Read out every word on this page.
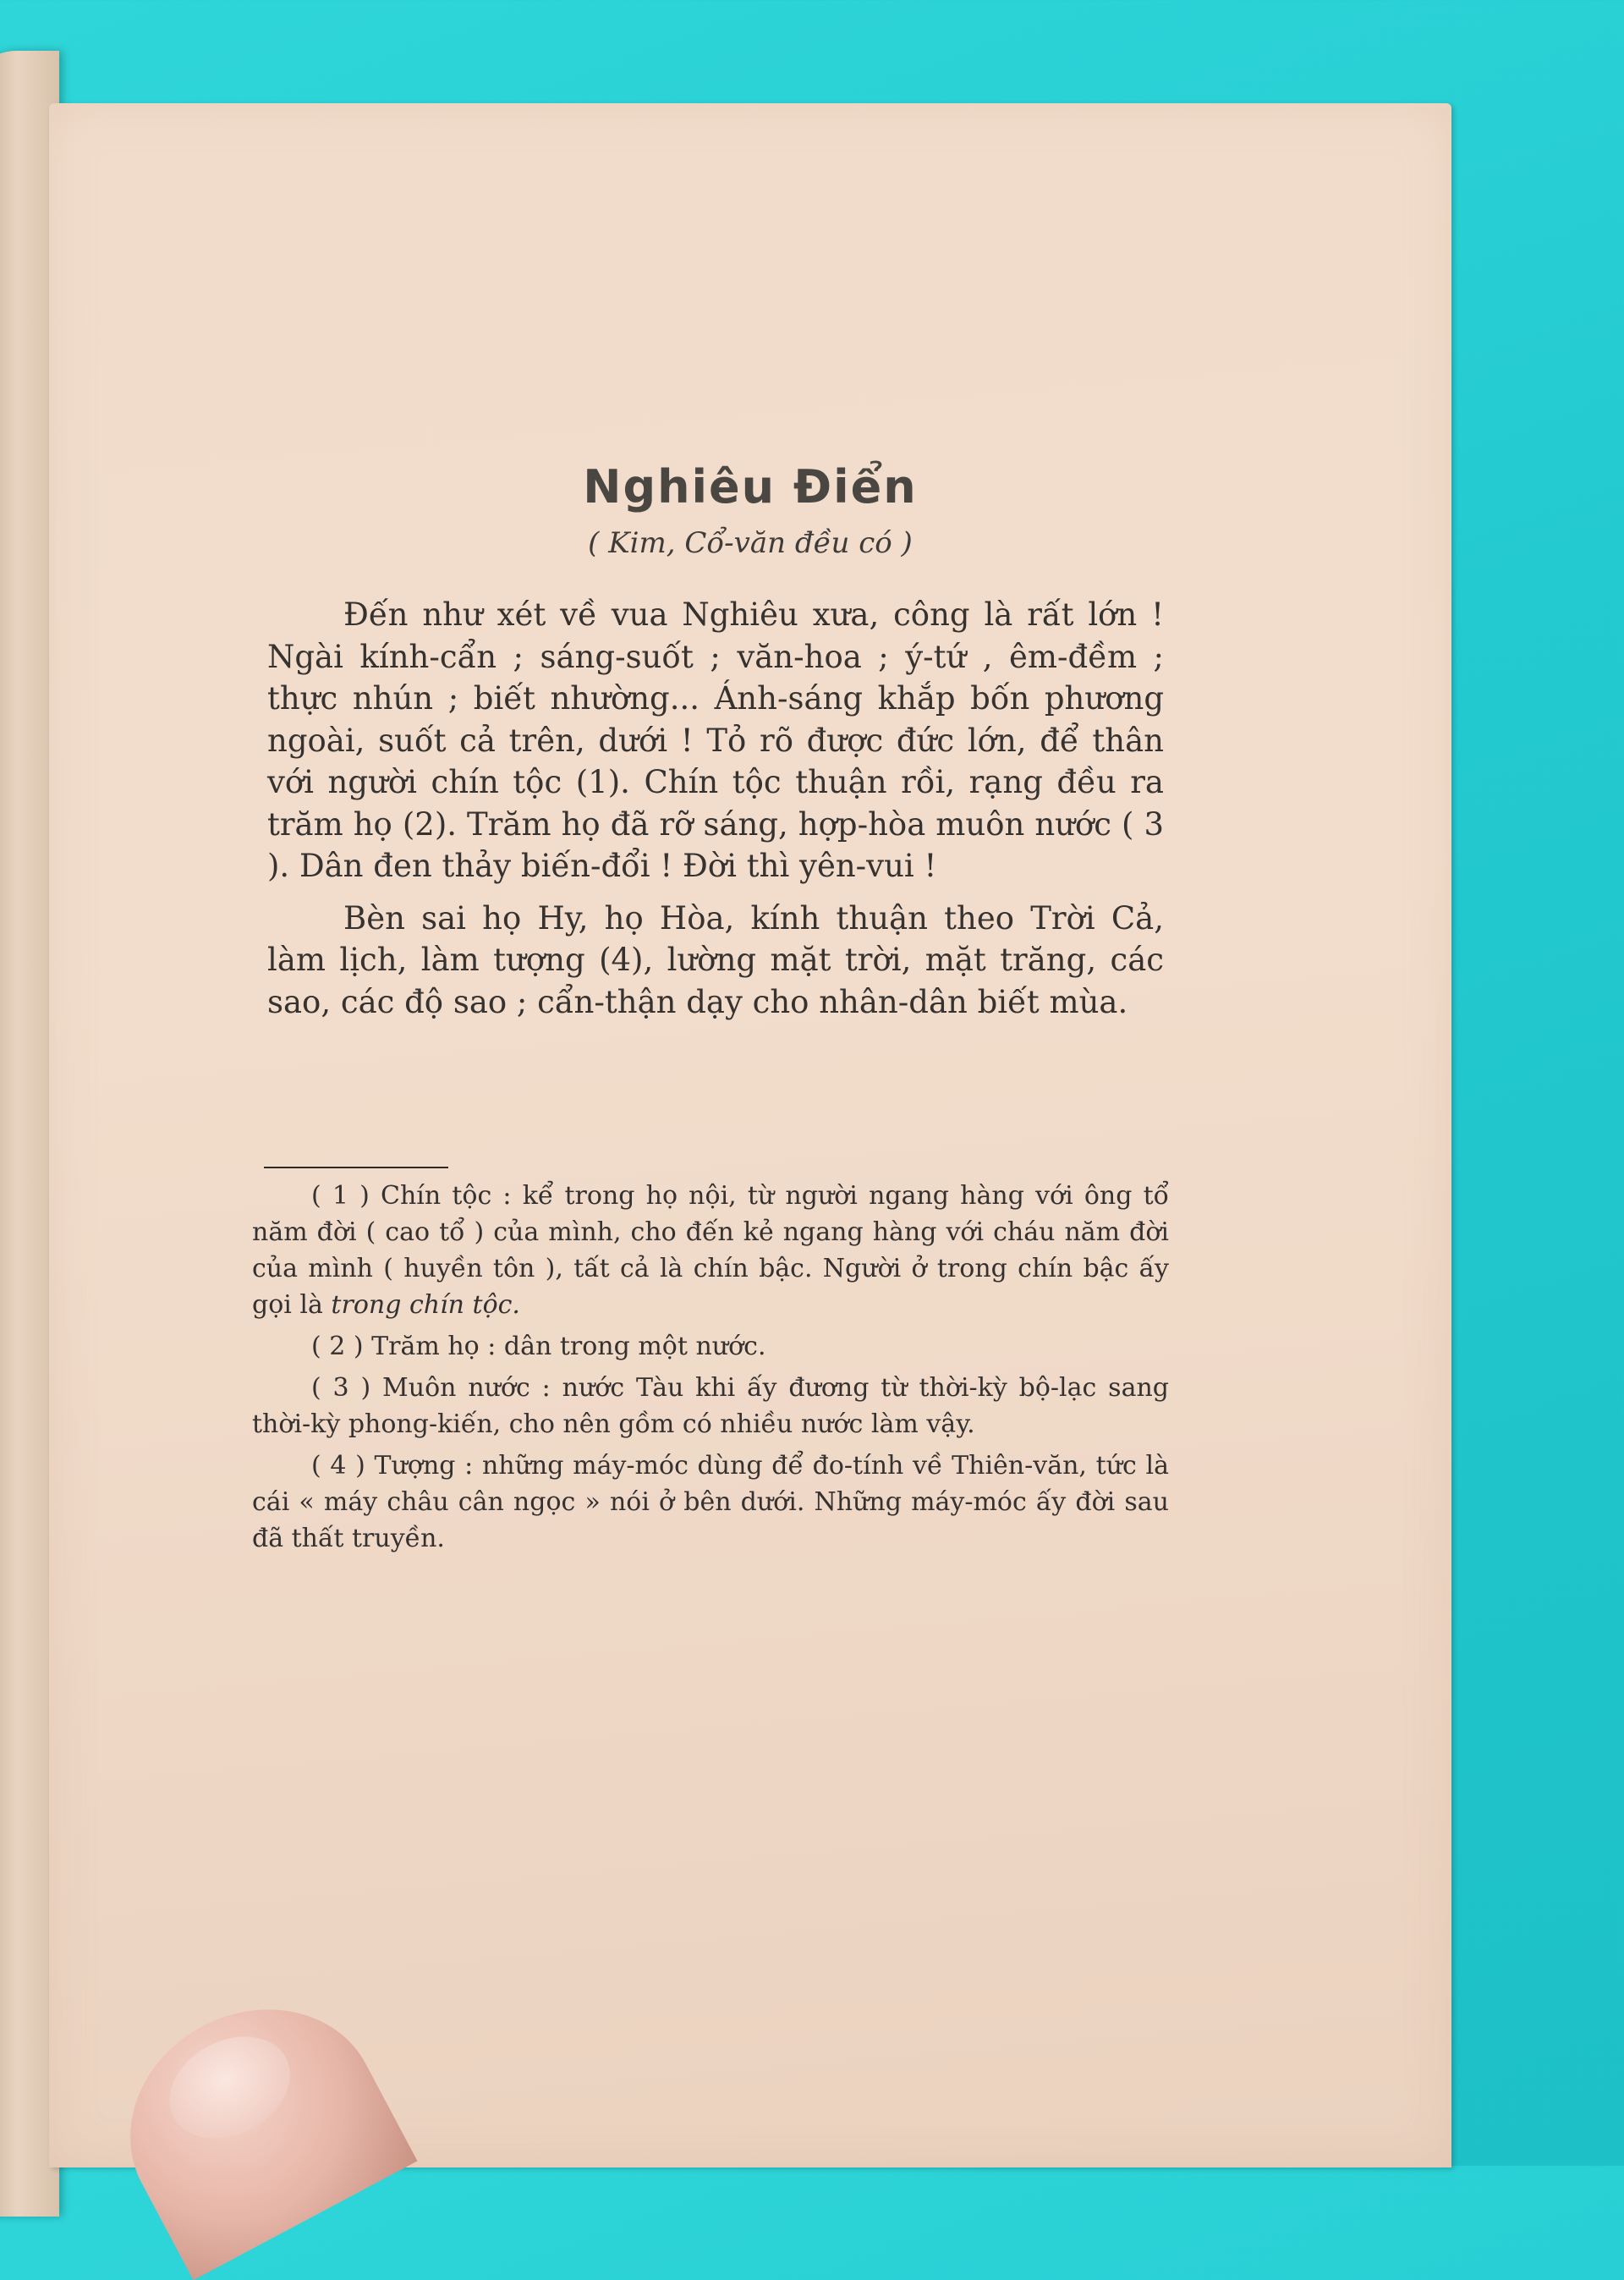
Nghiêu Điển
( Kim, Cổ-văn đều có )

Đến như xét về vua Nghiêu xưa, công là rất lớn ! Ngài kính-cẩn ; sáng-suốt ; văn-hoa ; ý-tứ , êm-đềm ; thực nhún ; biết nhường... Ánh-sáng khắp bốn phương ngoài, suốt cả trên, dưới ! Tỏ rõ được đức lớn, để thân với người chín tộc (1). Chín tộc thuận rồi, rạng đều ra trăm họ (2). Trăm họ đã rỡ sáng, hợp-hòa muôn nước ( 3 ). Dân đen thảy biến-đổi ! Đời thì yên-vui !

Bèn sai họ Hy, họ Hòa, kính thuận theo Trời Cả, làm lịch, làm tượng (4), lường mặt trời, mặt trăng, các sao, các độ sao ; cẩn-thận dạy cho nhân-dân biết mùa.

( 1 ) Chín tộc : kể trong họ nội, từ người ngang hàng với ông tổ năm đời ( cao tổ ) của mình, cho đến kẻ ngang hàng với cháu năm đời của mình ( huyền tôn ), tất cả là chín bậc. Người ở trong chín bậc ấy gọi là trong chín tộc.

( 2 ) Trăm họ : dân trong một nước.

( 3 ) Muôn nước : nước Tàu khi ấy đương từ thời-kỳ bộ-lạc sang thời-kỳ phong-kiến, cho nên gồm có nhiều nước làm vậy.

( 4 ) Tượng : những máy-móc dùng để đo-tính về Thiên-văn, tức là cái « máy châu cân ngọc » nói ở bên dưới. Những máy-móc ấy đời sau đã thất truyền.
